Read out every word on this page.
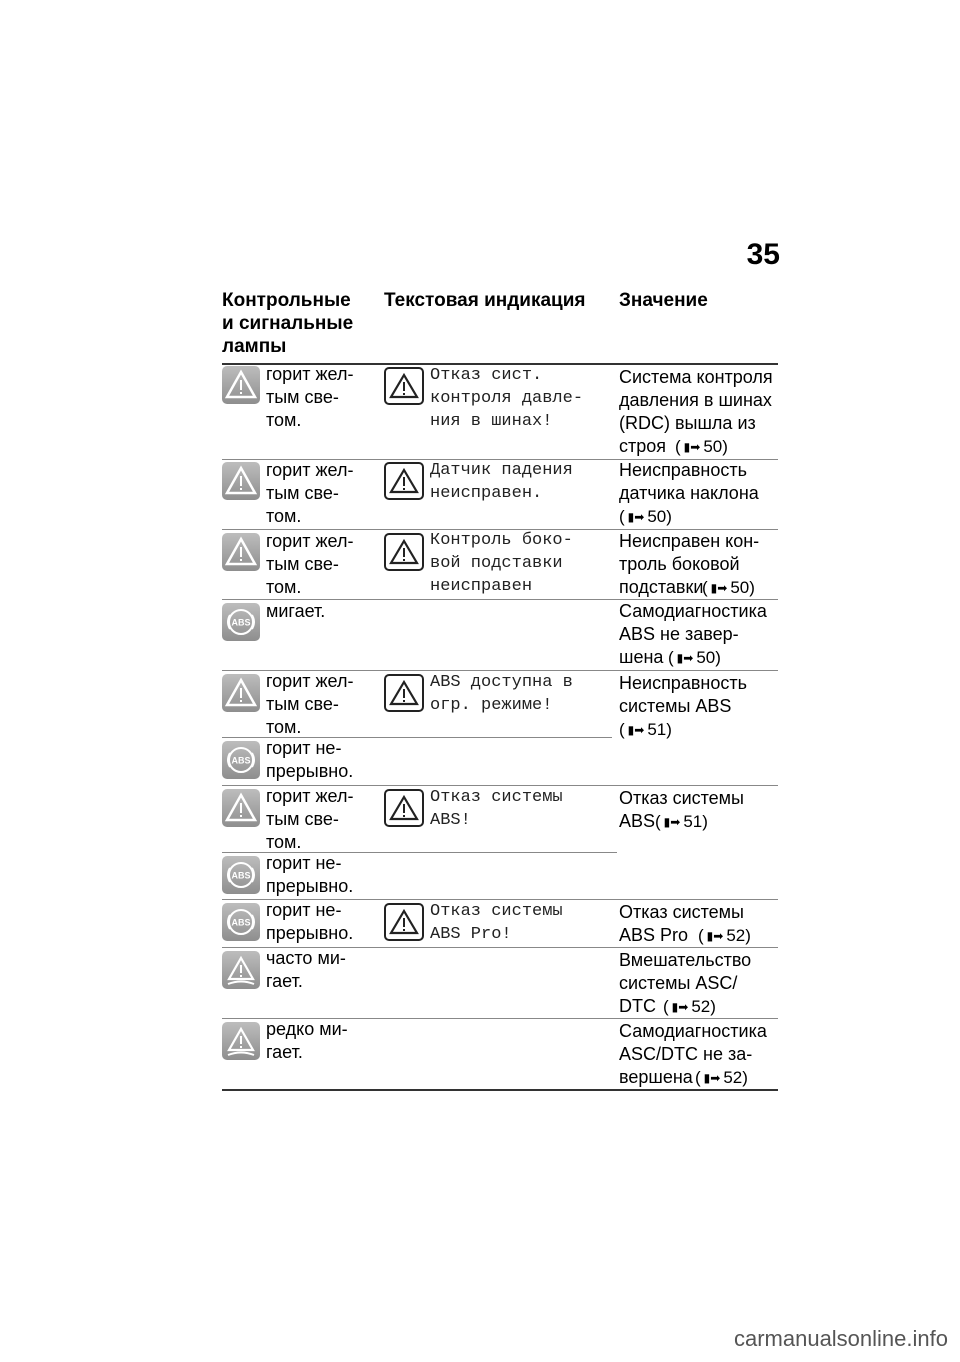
35
Контрольные
и сигнальные
лампы
Текстовая индикация	Значение
горит жел-
тым све-
том.
Отказ сист.
контроля давле-
ния в шинах!
Система контроля
давления в шинах
(RDC) вышла из
строя ( ▮➡ 50)
горит жел-
тым све-
том.
Датчик падения
неисправен.
Неисправность
датчика наклона
( ▮➡ 50)
горит жел-
тым све-
том.
Контроль боко-
вой подставки
неисправен
Неисправен кон-
троль боковой
подставки
( ▮➡ 50)
ABS
мигает.	Самодиагностика
ABS не завер-
шена ( ▮➡ 50)
горит жел-
тым све-
том.
ABS доступна в
огр. режиме!
Неисправность
системы ABS
( ▮➡ 51)
ABS
горит не-
прерывно.
горит жел-
тым све-
том.
Отказ системы
ABS!
Отказ системы
ABS ( ▮➡ 51)
ABS
горит не-
прерывно.
ABS
горит не-
прерывно.
Отказ системы
ABS Pro!
Отказ системы
ABS Pro ( ▮➡ 52)
часто ми-
гает.
Вмешательство
системы ASC/
DTC ( ▮➡ 52)
редко ми-
гает.
Самодиагностика
ASC/DTC не за-
вершена ( ▮➡ 52)
carmanualsonline.info
